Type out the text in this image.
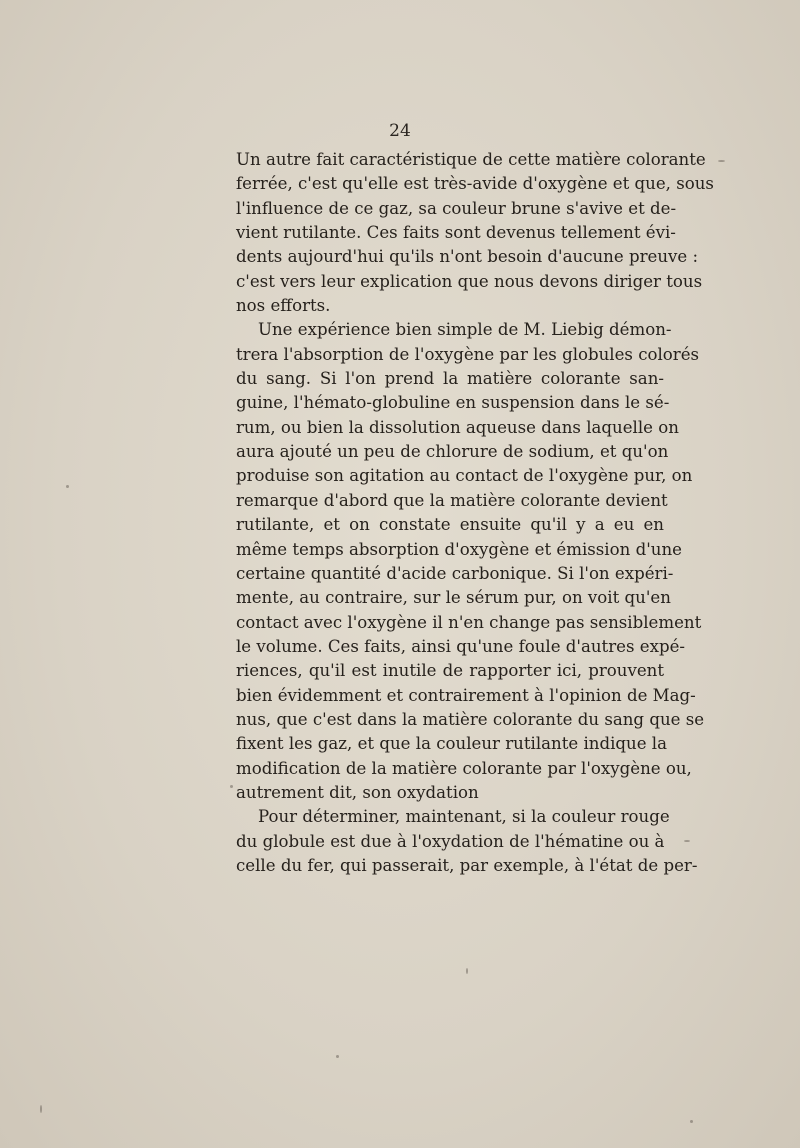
24
Un autre fait caractéristique de cette matière colorante
ferrée, c'est qu'elle est très-avide d'oxygène et que, sous
l'influence de ce gaz, sa couleur brune s'avive et de-
vient rutilante. Ces faits sont devenus tellement évi-
dents aujourd'hui qu'ils n'ont besoin d'aucune preuve :
c'est vers leur explication que nous devons diriger tous
nos efforts.
Une expérience bien simple de M. Liebig démon-
trera l'absorption de l'oxygène par les globules colorés
du sang. Si l'on prend la matière colorante san-
guine, l'hémato-globuline en suspension dans le sé-
rum, ou bien la dissolution aqueuse dans laquelle on
aura ajouté un peu de chlorure de sodium, et qu'on
produise son agitation au contact de l'oxygène pur, on
remarque d'abord que la matière colorante devient
rutilante, et on constate ensuite qu'il y a eu en
même temps absorption d'oxygène et émission d'une
certaine quantité d'acide carbonique. Si l'on expéri-
mente, au contraire, sur le sérum pur, on voit qu'en
contact avec l'oxygène il n'en change pas sensiblement
le volume. Ces faits, ainsi qu'une foule d'autres expé-
riences, qu'il est inutile de rapporter ici, prouvent
bien évidemment et contrairement à l'opinion de Mag-
nus, que c'est dans la matière colorante du sang que se
fixent les gaz, et que la couleur rutilante indique la
modification de la matière colorante par l'oxygène ou,
autrement dit, son oxydation
Pour déterminer, maintenant, si la couleur rouge
du globule est due à l'oxydation de l'hématine ou à
celle du fer, qui passerait, par exemple, à l'état de per-
